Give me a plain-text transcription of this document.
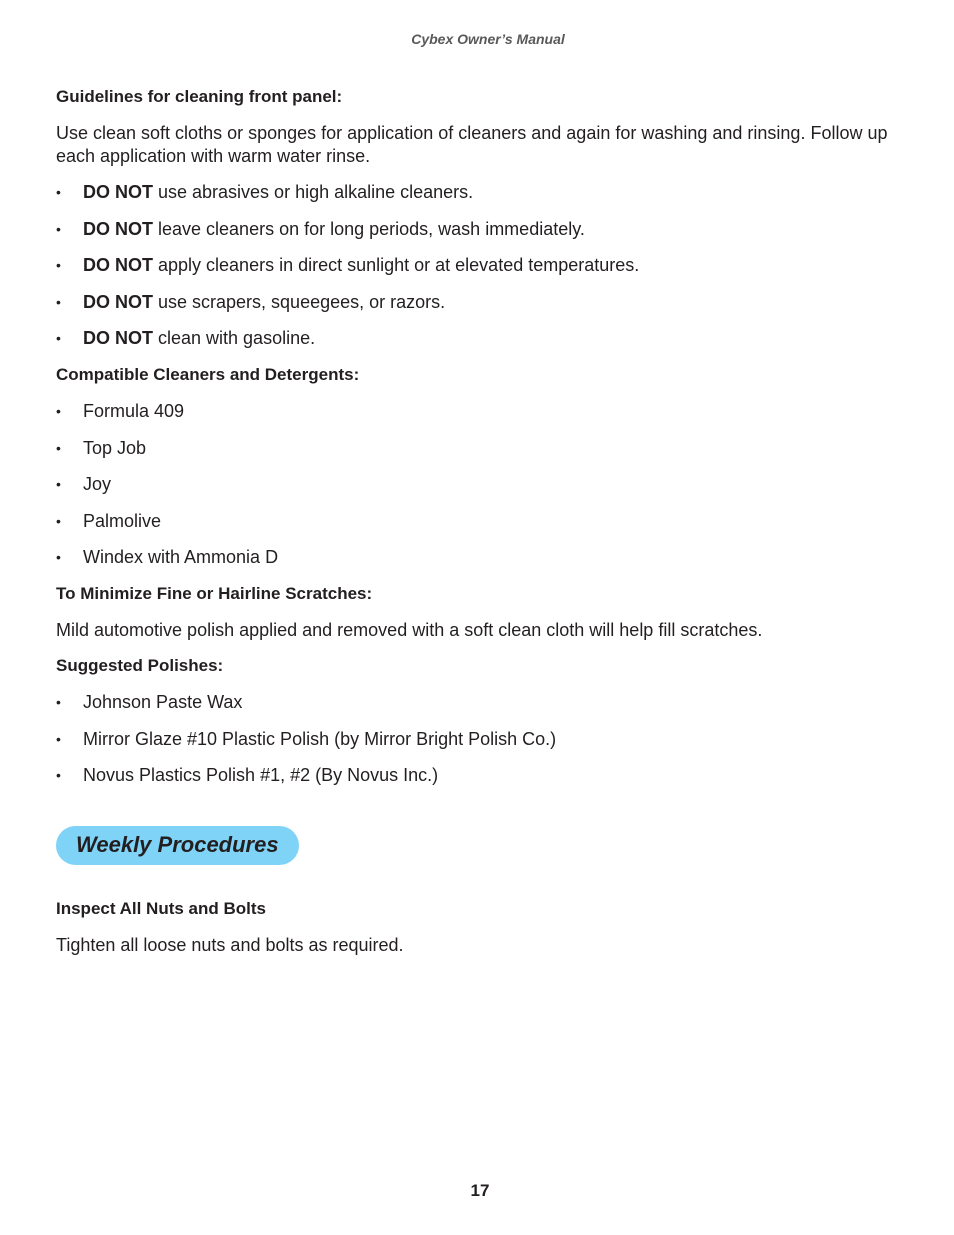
Cybex Owner’s Manual
Guidelines for cleaning front panel:
Use clean soft cloths or sponges for application of cleaners and again for washing and rinsing. Follow up each application with warm water rinse.
• DO NOT use abrasives or high alkaline cleaners.
• DO NOT leave cleaners on for long periods, wash immediately.
• DO NOT apply cleaners in direct sunlight or at elevated temperatures.
• DO NOT use scrapers, squeegees, or razors.
• DO NOT clean with gasoline.
Compatible Cleaners and Detergents:
• Formula 409
• Top Job
• Joy
• Palmolive
• Windex with Ammonia D
To Minimize Fine or Hairline Scratches:
Mild automotive polish applied and removed with a soft clean cloth will help fill scratches.
Suggested Polishes:
• Johnson Paste Wax
• Mirror Glaze #10 Plastic Polish (by Mirror Bright Polish Co.)
• Novus Plastics Polish #1, #2 (By Novus Inc.)
Weekly Procedures
Inspect All Nuts and Bolts
Tighten all loose nuts and bolts as required.
17
